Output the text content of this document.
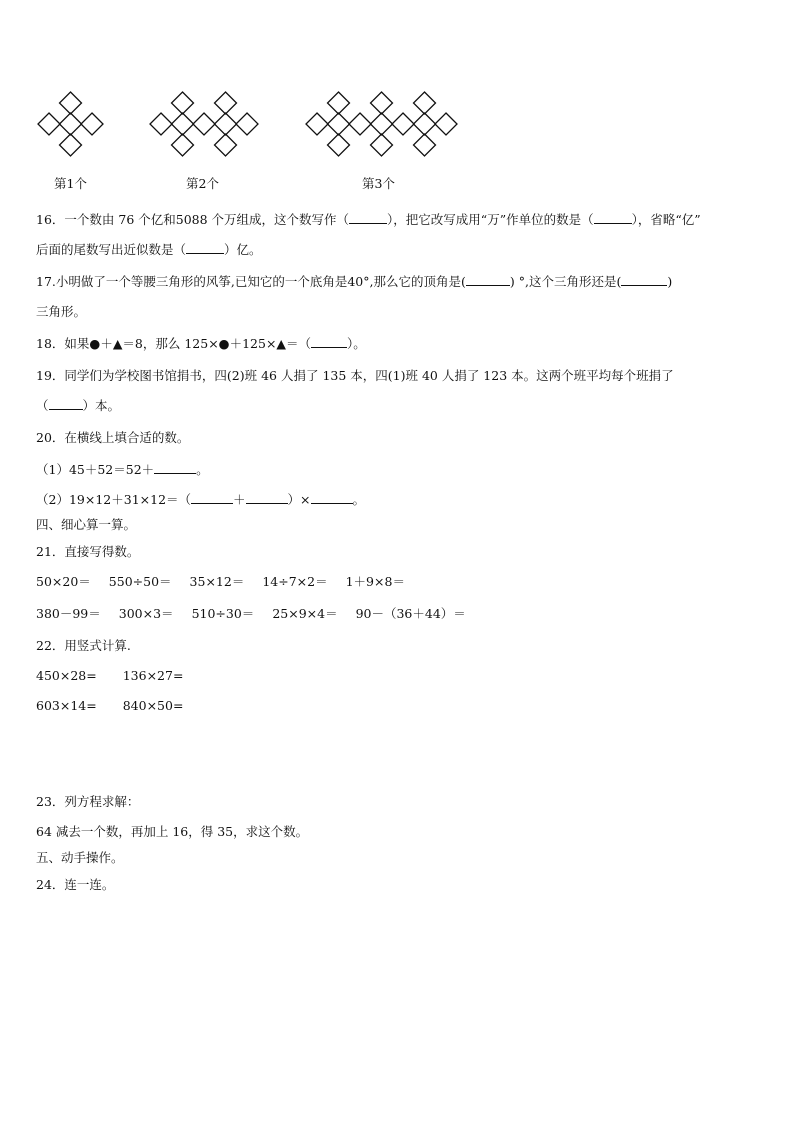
第1个	第2个	第3个
16．一个数由 76 个亿和5088 个万组成，这个数写作（	），把它改写成用“万”作单位的数是（	），省略“亿”
后面的尾数写出近似数是（	）亿。
17.小明做了一个等腰三角形的风筝,已知它的一个底角是40°,那么它的顶角是(	) °,这个三角形还是(	)
三角形。
18．如果●＋▲＝8，那么 125×●＋125×▲＝（	）。
19．同学们为学校图书馆捐书，四(2)班 46 人捐了 135 本，四(1)班 40 人捐了 123 本。这两个班平均每个班捐了
（	）本。
20．在横线上填合适的数。
（1）45＋52＝52＋	。
（2）19×12＋31×12＝（	＋	）×	。
四、细心算一算。
21．直接写得数。
50×20＝ 550÷50＝ 35×12＝ 14÷7×2＝ 1＋9×8＝
380－99＝ 300×3＝ 510÷30＝ 25×9×4＝ 90－（36＋44）＝
22．用竖式计算.
450×28= 136×27=
603×14= 840×50=
23．列方程求解：
64 减去一个数，再加上 16，得 35，求这个数。
五、动手操作。
24．连一连。
